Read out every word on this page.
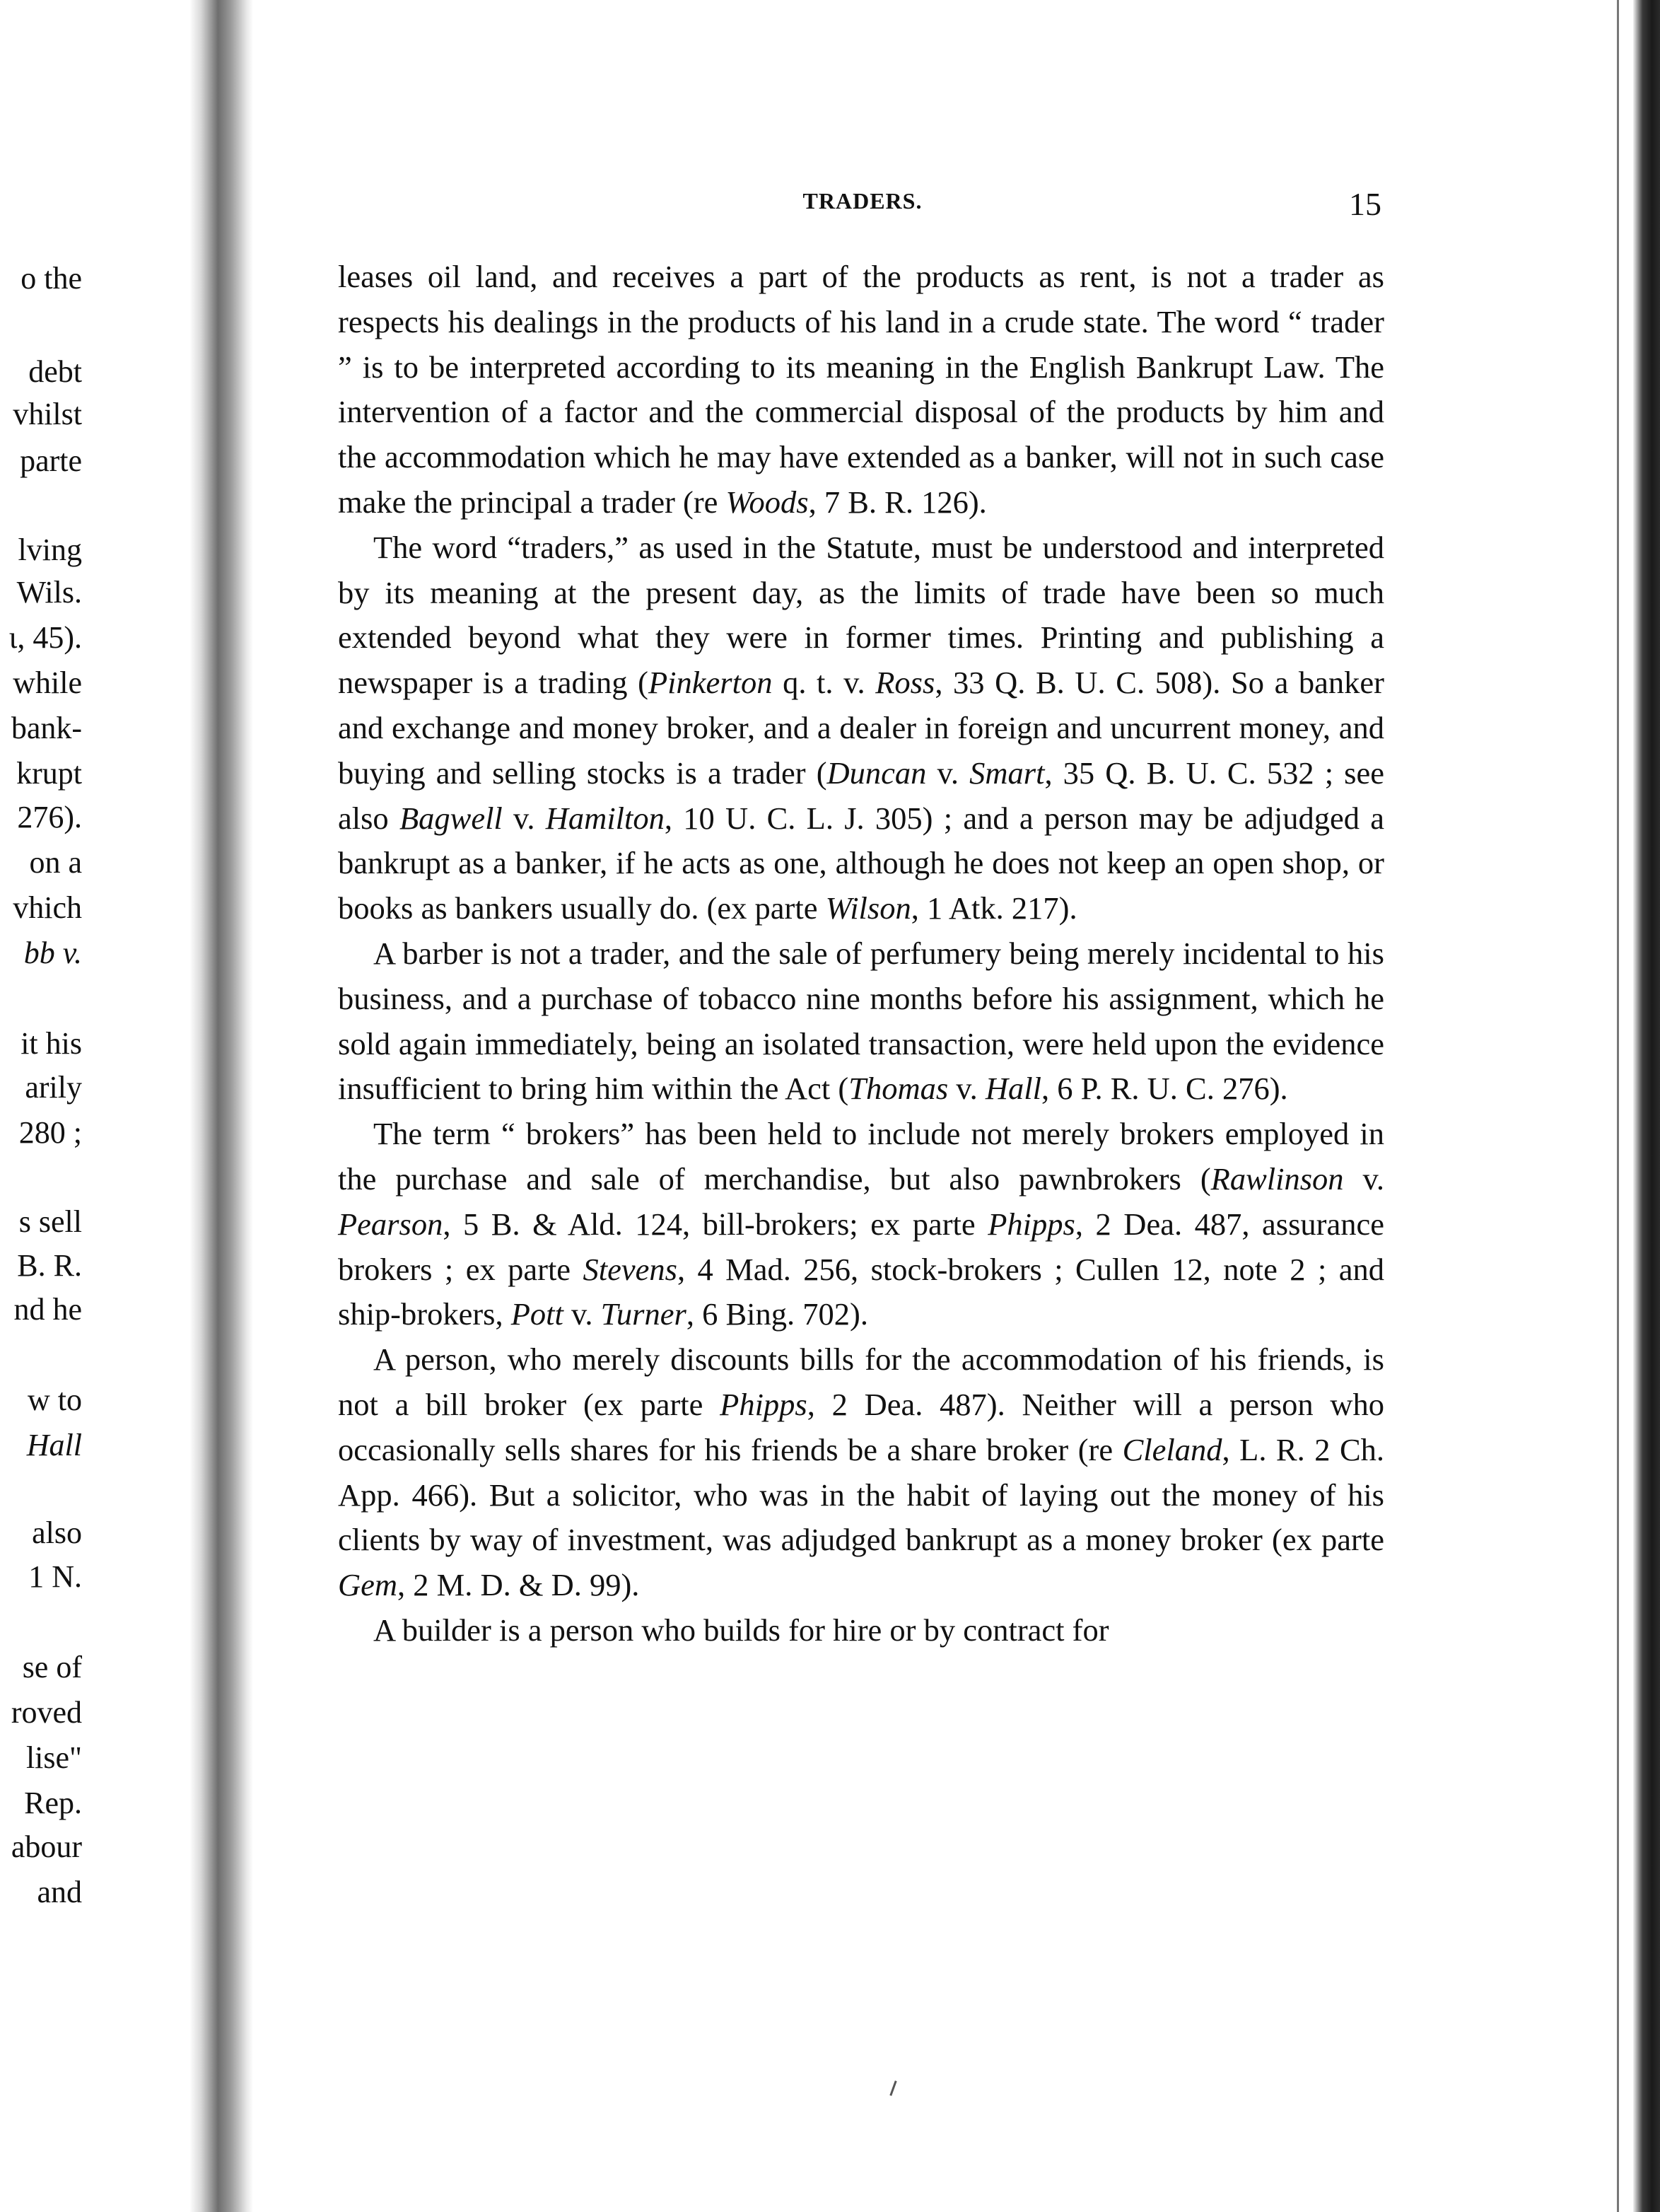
o the
debt
vhilst
parte
lving
Wils.
ι, 45).
while
bank-
krupt
276).
on a
vhich
bb v.
it his
arily
280 ;
s sell
B. R.
nd he
w to
Hall
also
1 N.
se of
roved
lise"
Rep.
abour
and
TRADERS.	15

leases oil land, and receives a part of the products as rent, is not a trader as respects his dealings in the products of his land in a crude state. The word “ trader ” is to be interpreted according to its meaning in the English Bankrupt Law. The intervention of a factor and the commercial disposal of the products by him and the accommodation which he may have extended as a banker, will not in such case make the principal a trader (re Woods, 7 B. R. 126).

The word “traders,” as used in the Statute, must be understood and interpreted by its meaning at the present day, as the limits of trade have been so much extended beyond what they were in former times. Printing and publishing a newspaper is a trading (Pinkerton q. t. v. Ross, 33 Q. B. U. C. 508). So a banker and exchange and money broker, and a dealer in foreign and uncurrent money, and buying and selling stocks is a trader (Duncan v. Smart, 35 Q. B. U. C. 532 ; see also Bagwell v. Hamilton, 10 U. C. L. J. 305) ; and a person may be adjudged a bankrupt as a banker, if he acts as one, although he does not keep an open shop, or books as bankers usually do. (ex parte Wilson, 1 Atk. 217).

A barber is not a trader, and the sale of perfumery being merely incidental to his business, and a purchase of tobacco nine months before his assignment, which he sold again immediately, being an isolated transaction, were held upon the evidence insufficient to bring him within the Act (Thomas v. Hall, 6 P. R. U. C. 276).

The term “ brokers” has been held to include not merely brokers employed in the purchase and sale of merchandise, but also pawnbrokers (Rawlinson v. Pearson, 5 B. & Ald. 124, bill-brokers; ex parte Phipps, 2 Dea. 487, assurance brokers ; ex parte Stevens, 4 Mad. 256, stock-brokers ; Cullen 12, note 2 ; and ship-brokers, Pott v. Turner, 6 Bing. 702).

A person, who merely discounts bills for the accommodation of his friends, is not a bill broker (ex parte Phipps, 2 Dea. 487). Neither will a person who occasionally sells shares for his friends be a share broker (re Cleland, L. R. 2 Ch. App. 466). But a solicitor, who was in the habit of laying out the money of his clients by way of investment, was adjudged bankrupt as a money broker (ex parte Gem, 2 M. D. & D. 99).

A builder is a person who builds for hire or by contract for
